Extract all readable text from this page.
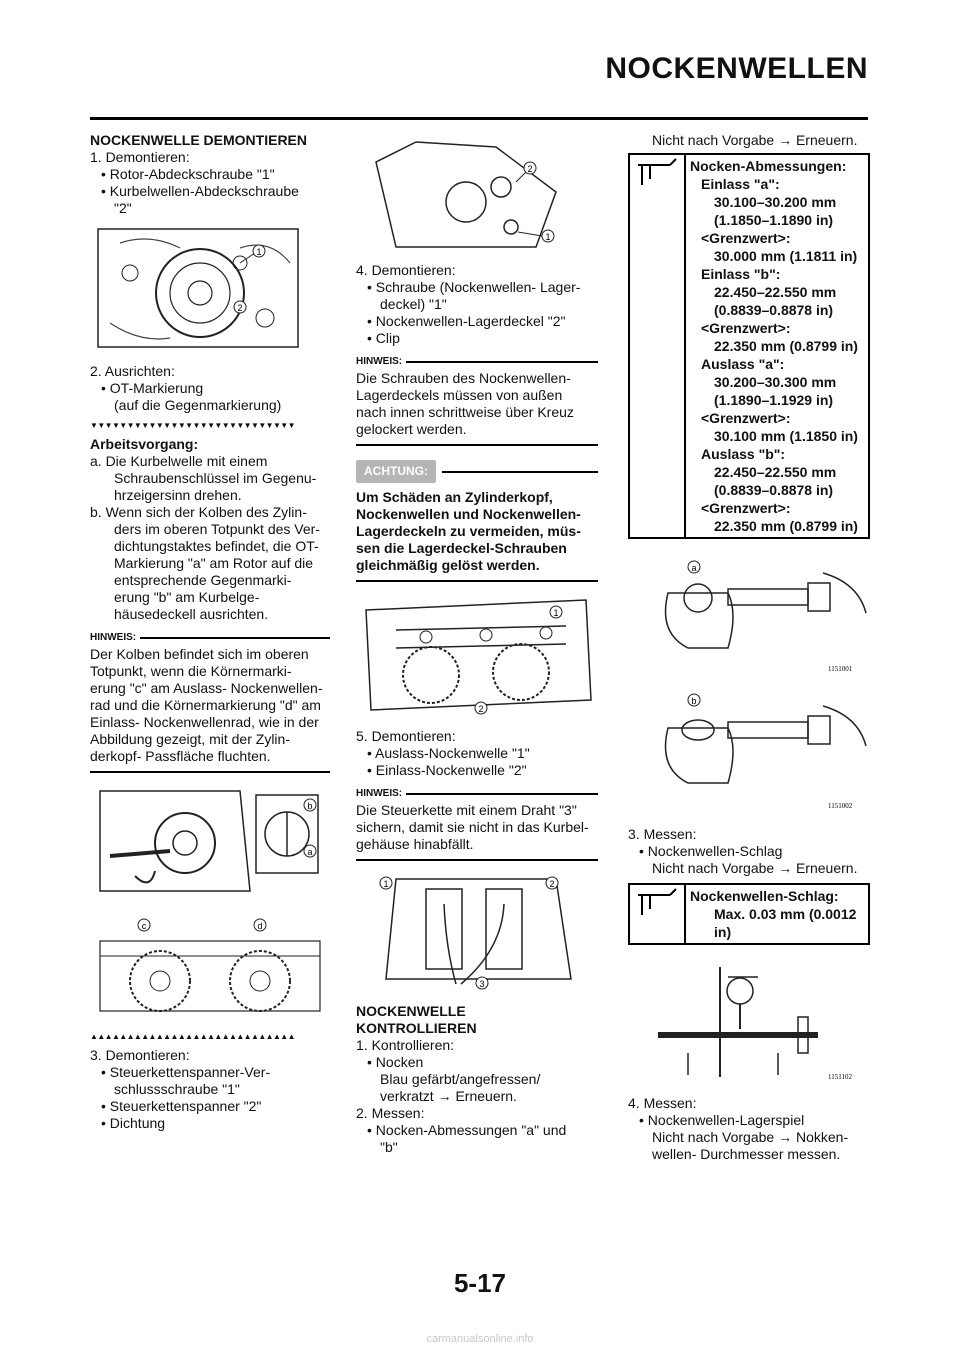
NOCKENWELLEN
NOCKENWELLE DEMONTIEREN
1. Demontieren:
• Rotor-Abdeckschraube "1"
• Kurbelwellen-Abdeckschraube
"2"
1
2
2. Ausrichten:
• OT-Markierung
(auf die Gegenmarkierung)
▼▼▼▼▼▼▼▼▼▼▼▼▼▼▼▼▼▼▼▼▼▼▼▼▼▼▼▼
Arbeitsvorgang:
a. Die Kurbelwelle mit einem
Schraubenschlüssel im Gegenu-
hrzeigersinn drehen.
b. Wenn sich der Kolben des Zylin-
ders im oberen Totpunkt des Ver-
dichtungstaktes befindet, die OT-
Markierung "a" am Rotor auf die
entsprechende Gegenmarki-
erung "b" am Kurbelge-
häusedeckell ausrichten.
HINWEIS:
Der Kolben befindet sich im oberen
Totpunkt, wenn die Körnermarki-
erung "c" am Auslass- Nockenwellen-
rad und die Körnermarkierung "d" am
Einlass- Nockenwellenrad, wie in der
Abbildung gezeigt, mit der Zylin-
derkopf- Passfläche fluchten.
b
a
c	d
▲▲▲▲▲▲▲▲▲▲▲▲▲▲▲▲▲▲▲▲▲▲▲▲▲▲▲▲
3. Demontieren:
• Steuerkettenspanner-Ver-
schlussschraube "1"
• Steuerkettenspanner "2"
• Dichtung
2
1
4. Demontieren:
• Schraube (Nockenwellen- Lager-
deckel) "1"
• Nockenwellen-Lagerdeckel "2"
• Clip
HINWEIS:
Die Schrauben des Nockenwellen-
Lagerdeckels müssen von außen
nach innen schrittweise über Kreuz
gelockert werden.
ACHTUNG:
Um Schäden an Zylinderkopf,
Nockenwellen und Nockenwellen-
Lagerdeckeln zu vermeiden, müs-
sen die Lagerdeckel-Schrauben
gleichmäßig gelöst werden.
1
2
5. Demontieren:
• Auslass-Nockenwelle "1"
• Einlass-Nockenwelle "2"
HINWEIS:
Die Steuerkette mit einem Draht "3"
sichern, damit sie nicht in das Kurbel-
gehäuse hinabfällt.
1	2
3
NOCKENWELLE
KONTROLLIEREN
1. Kontrollieren:
• Nocken
Blau gefärbt/angefressen/
verkratzt → Erneuern.
2. Messen:
• Nocken-Abmessungen "a" und
"b"
Nicht nach Vorgabe → Erneuern.
Nocken-Abmessungen:
Einlass "a":
30.100–30.200 mm
(1.1850–1.1890 in)
<Grenzwert>:
30.000 mm (1.1811 in)
Einlass "b":
22.450–22.550 mm
(0.8839–0.8878 in)
<Grenzwert>:
22.350 mm (0.8799 in)
Auslass "a":
30.200–30.300 mm
(1.1890–1.1929 in)
<Grenzwert>:
30.100 mm (1.1850 in)
Auslass "b":
22.450–22.550 mm
(0.8839–0.8878 in)
<Grenzwert>:
22.350 mm (0.8799 in)
a
1151001
b
1151002
3. Messen:
• Nockenwellen-Schlag
Nicht nach Vorgabe → Erneuern.
Nockenwellen-Schlag:
Max. 0.03 mm (0.0012
in)
1151102
4. Messen:
• Nockenwellen-Lagerspiel
Nicht nach Vorgabe → Nokken-
wellen- Durchmesser messen.
5-17
carmanualsonline.info
